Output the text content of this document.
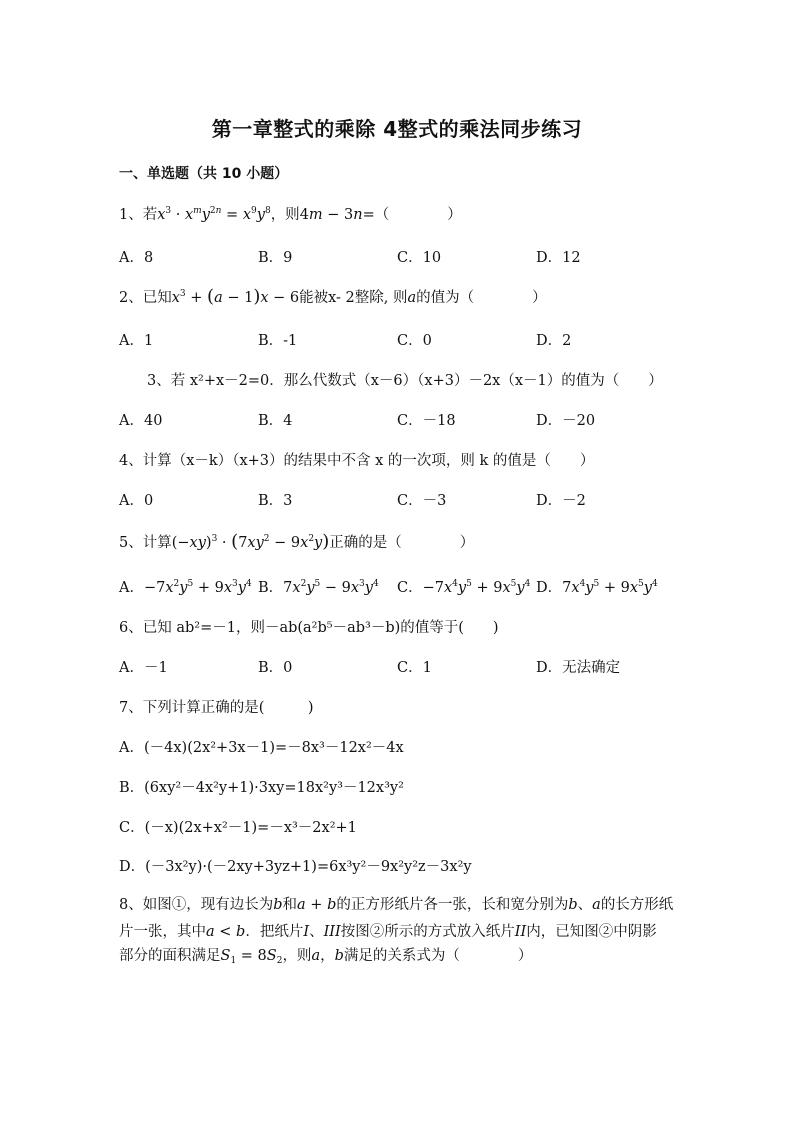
第一章整式的乘除 4整式的乘法同步练习
一、单选题（共 10 小题）
1、若$x^3 \cdot x^my^{2n} = x^9y^8$，则4m − 3n=（　　　　）
A．8	B．9	C．10	D．12
2、已知$x^3 + (a - 1)x - 6$能被x- 2整除, 则a的值为（　　　　）
A．1	B．-1	C．0	D．2
3、若 x²+x－2=0．那么代数式（x－6）（x+3）－2x（x－1）的值为（　　）
A．40	B．4	C．－18	D．－20
4、计算（x－k）（x+3）的结果中不含 x 的一次项，则 k 的值是（　　）
A．0	B．3	C．－3	D．－2
5、计算$(-xy)^3 \cdot (7xy^2 - 9x^2y)$正确的是（　　　　）
A．$-7x^2y^5 + 9x^3y^4$ B．$7x^2y^5 - 9x^3y^4$ C．$-7x^4y^5 + 9x^5y^4$ D．$7x^4y^5 + 9x^5y^4$
6、已知 ab²=－1，则－ab(a²b⁵－ab³－b)的值等于(　　)
A．－1	B．0	C．1	D．无法确定
7、下列计算正确的是(　　　)
A．(－4x)(2x²+3x－1)=－8x³－12x²－4x
B．(6xy²－4x²y+1)·3xy=18x²y³－12x³y²
C．(－x)(2x+x²－1)=－x³－2x²+1
D．(－3x²y)·(－2xy+3yz+1)=6x³y²－9x²y²z－3x²y
8、如图①，现有边长为b和a + b的正方形纸片各一张，长和宽分别为b、a的长方形纸
片一张，其中a < b．把纸片I、III按图②所示的方式放入纸片II内，已知图②中阴影
部分的面积满足$S_1 = 8S_2$，则a，b满足的关系式为（　　　　）
